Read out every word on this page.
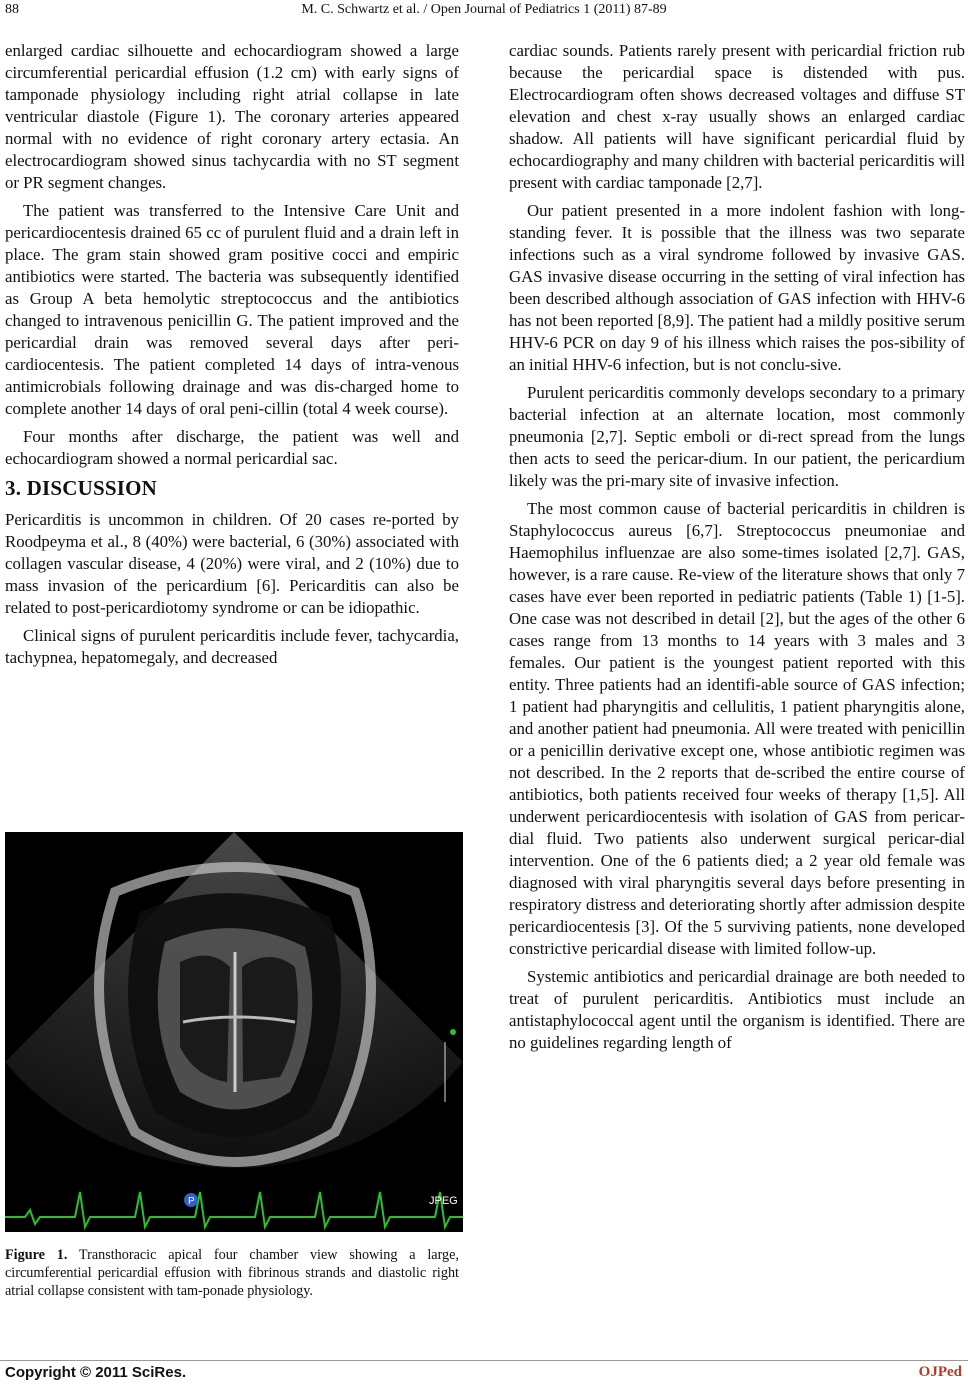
88	M. C. Schwartz et al. / Open Journal of Pediatrics 1 (2011) 87-89

enlarged cardiac silhouette and echocardiogram showed a large circumferential pericardial effusion (1.2 cm) with early signs of tamponade physiology including right atrial collapse in late ventricular diastole (Figure 1). The coronary arteries appeared normal with no evidence of right coronary artery ectasia. An electrocardiogram showed sinus tachycardia with no ST segment or PR segment changes.

The patient was transferred to the Intensive Care Unit and pericardiocentesis drained 65 cc of purulent fluid and a drain left in place. The gram stain showed gram positive cocci and empiric antibiotics were started. The bacteria was subsequently identified as Group A beta hemolytic streptococcus and the antibiotics changed to intravenous penicillin G. The patient improved and the pericardial drain was removed several days after peri-cardiocentesis. The patient completed 14 days of intra-venous antimicrobials following drainage and was dis-charged home to complete another 14 days of oral peni-cillin (total 4 week course).

Four months after discharge, the patient was well and echocardiogram showed a normal pericardial sac.

3. DISCUSSION

Pericarditis is uncommon in children. Of 20 cases re-ported by Roodpeyma et al., 8 (40%) were bacterial, 6 (30%) associated with collagen vascular disease, 4 (20%) were viral, and 2 (10%) due to mass invasion of the pericardium [6]. Pericarditis can also be related to post-pericardiotomy syndrome or can be idiopathic.

Clinical signs of purulent pericarditis include fever, tachycardia, tachypnea, hepatomegaly, and decreased

P	JPEG
Figure 1. Transthoracic apical four chamber view showing a large, circumferential pericardial effusion with fibrinous strands and diastolic right atrial collapse consistent with tam-ponade physiology.

cardiac sounds. Patients rarely present with pericardial friction rub because the pericardial space is distended with pus. Electrocardiogram often shows decreased voltages and diffuse ST elevation and chest x-ray usually shows an enlarged cardiac shadow. All patients will have significant pericardial fluid by echocardiography and many children with bacterial pericarditis will present with cardiac tamponade [2,7].

Our patient presented in a more indolent fashion with long-standing fever. It is possible that the illness was two separate infections such as a viral syndrome followed by invasive GAS. GAS invasive disease occurring in the setting of viral infection has been described although association of GAS infection with HHV-6 has not been reported [8,9]. The patient had a mildly positive serum HHV-6 PCR on day 9 of his illness which raises the pos-sibility of an initial HHV-6 infection, but is not conclu-sive.

Purulent pericarditis commonly develops secondary to a primary bacterial infection at an alternate location, most commonly pneumonia [2,7]. Septic emboli or di-rect spread from the lungs then acts to seed the pericar-dium. In our patient, the pericardium likely was the pri-mary site of invasive infection.

The most common cause of bacterial pericarditis in children is Staphylococcus aureus [6,7]. Streptococcus pneumoniae and Haemophilus influenzae are also some-times isolated [2,7]. GAS, however, is a rare cause. Re-view of the literature shows that only 7 cases have ever been reported in pediatric patients (Table 1) [1-5]. One case was not described in detail [2], but the ages of the other 6 cases range from 13 months to 14 years with 3 males and 3 females. Our patient is the youngest patient reported with this entity. Three patients had an identifi-able source of GAS infection; 1 patient had pharyngitis and cellulitis, 1 patient pharyngitis alone, and another patient had pneumonia. All were treated with penicillin or a penicillin derivative except one, whose antibiotic regimen was not described. In the 2 reports that de-scribed the entire course of antibiotics, both patients received four weeks of therapy [1,5]. All underwent pericardiocentesis with isolation of GAS from pericar-dial fluid. Two patients also underwent surgical pericar-dial intervention. One of the 6 patients died; a 2 year old female was diagnosed with viral pharyngitis several days before presenting in respiratory distress and deteriorating shortly after admission despite pericardiocentesis [3]. Of the 5 surviving patients, none developed constrictive pericardial disease with limited follow-up.

Systemic antibiotics and pericardial drainage are both needed to treat of purulent pericarditis. Antibiotics must include an antistaphylococcal agent until the organism is identified. There are no guidelines regarding length of

Copyright © 2011 SciRes.	OJPed
